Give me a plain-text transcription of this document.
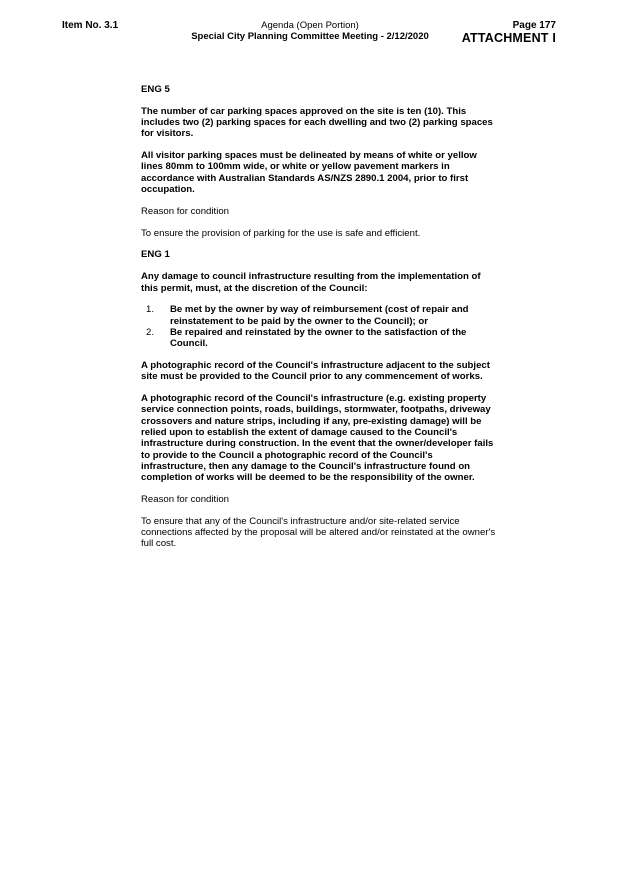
Item No. 3.1	Agenda (Open Portion)
Special City Planning Committee Meeting - 2/12/2020
Page 177
ATTACHMENT I
ENG 5

The number of car parking spaces approved on the site is ten (10). This includes two (2) parking spaces for each dwelling and two (2) parking spaces for visitors.

All visitor parking spaces must be delineated by means of white or yellow lines 80mm to 100mm wide, or white or yellow pavement markers in accordance with Australian Standards AS/NZS 2890.1 2004, prior to first occupation.

Reason for condition

To ensure the provision of parking for the use is safe and efficient.

ENG 1

Any damage to council infrastructure resulting from the implementation of this permit, must, at the discretion of the Council:

1. Be met by the owner by way of reimbursement (cost of repair and reinstatement to be paid by the owner to the Council); or
2. Be repaired and reinstated by the owner to the satisfaction of the Council.

A photographic record of the Council's infrastructure adjacent to the subject site must be provided to the Council prior to any commencement of works.

A photographic record of the Council's infrastructure (e.g. existing property service connection points, roads, buildings, stormwater, footpaths, driveway crossovers and nature strips, including if any, pre-existing damage) will be relied upon to establish the extent of damage caused to the Council's infrastructure during construction. In the event that the owner/developer fails to provide to the Council a photographic record of the Council's infrastructure, then any damage to the Council's infrastructure found on completion of works will be deemed to be the responsibility of the owner.

Reason for condition

To ensure that any of the Council's infrastructure and/or site-related service connections affected by the proposal will be altered and/or reinstated at the owner's full cost.
